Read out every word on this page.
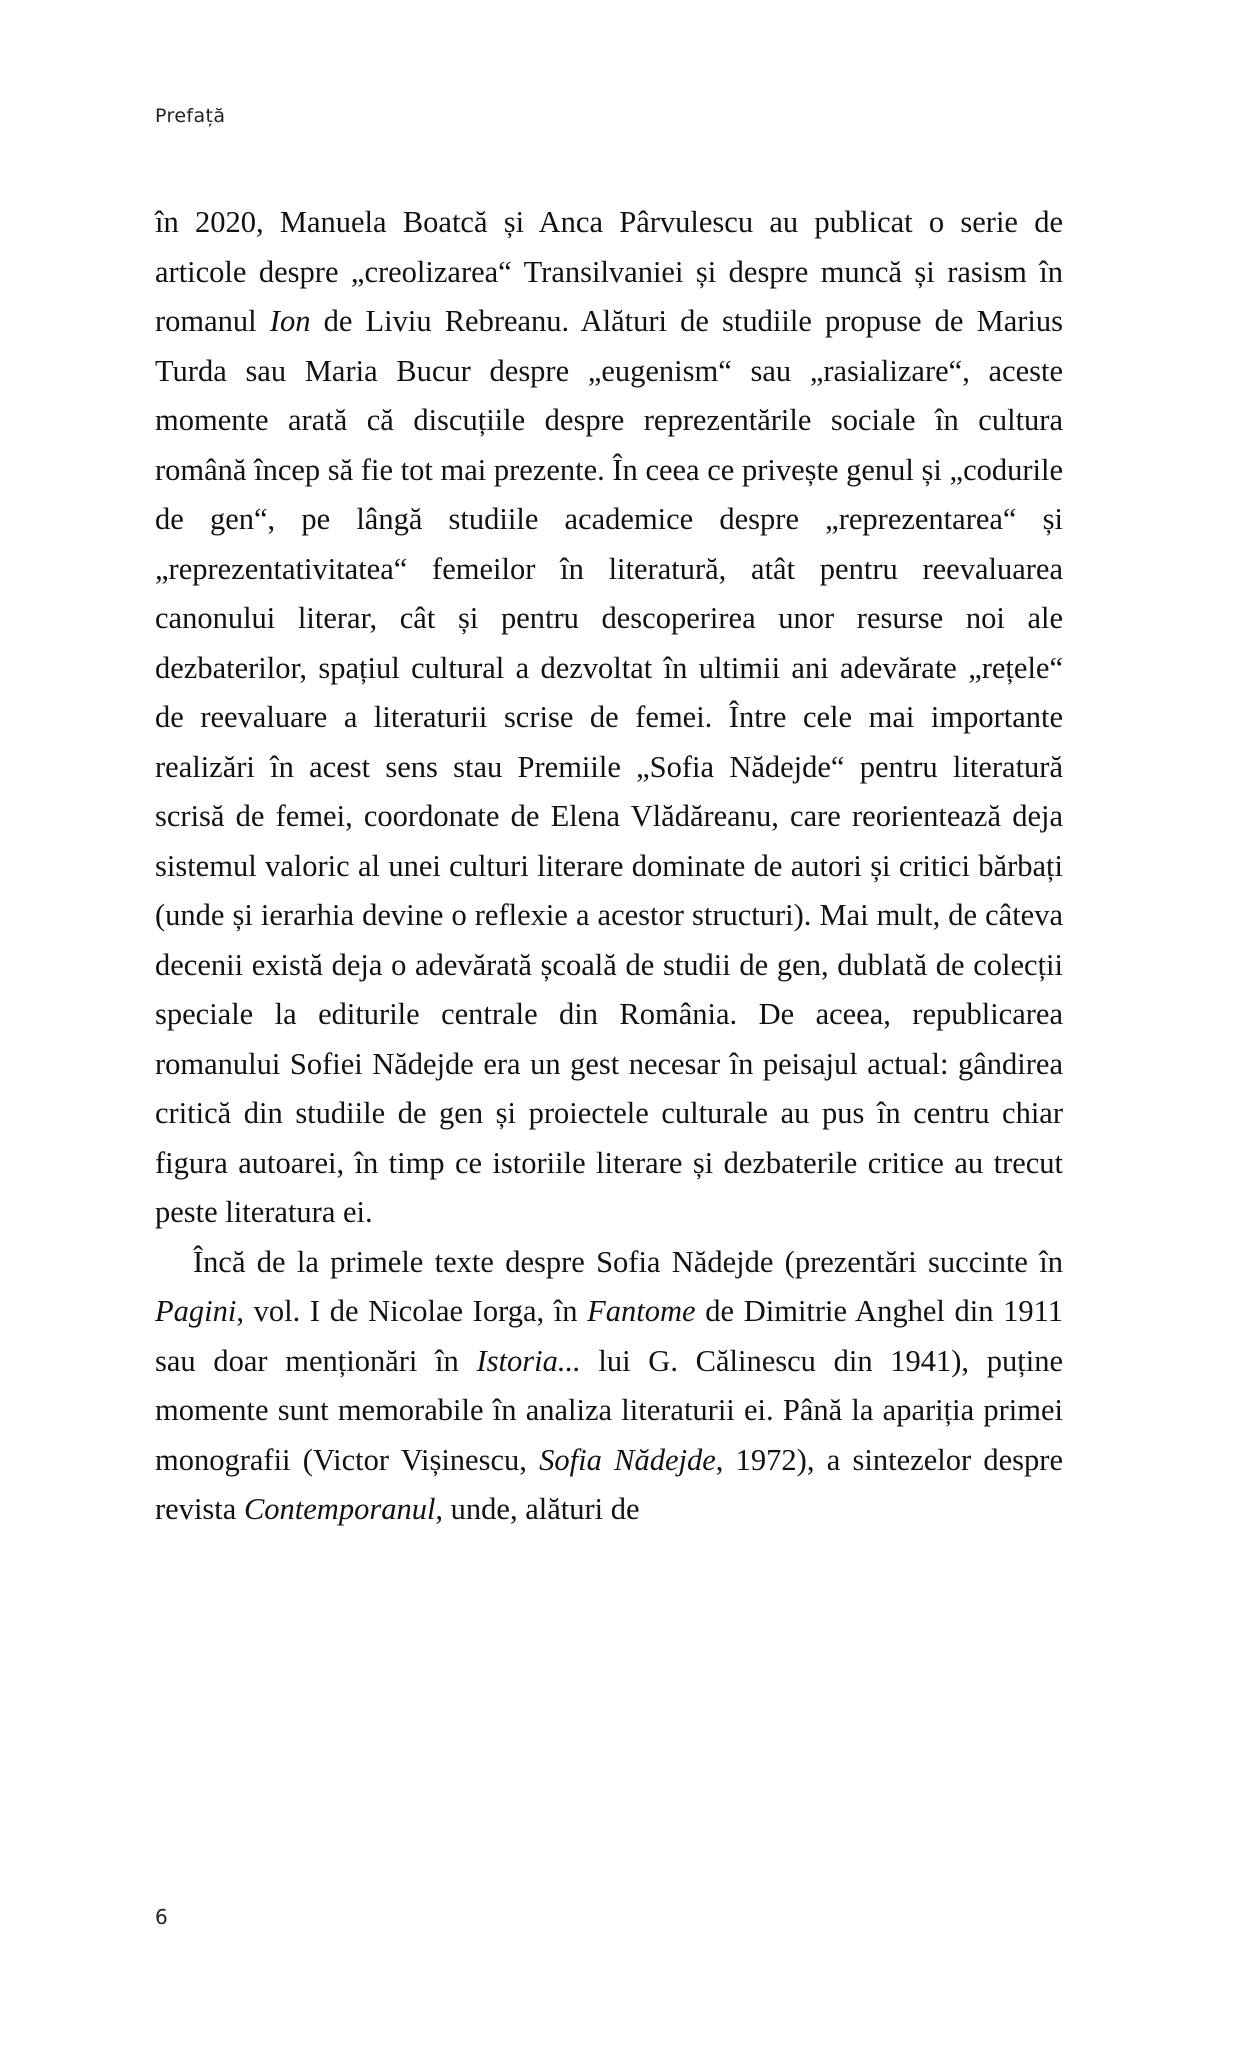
Prefață

în 2020, Manuela Boatcă și Anca Pârvulescu au publicat o serie de articole despre „creolizarea“ Transilvaniei și despre muncă și rasism în romanul Ion de Liviu Rebreanu. Alături de studiile propuse de Marius Turda sau Maria Bucur despre „eugenism“ sau „rasializare“, aceste momente arată că discuțiile despre reprezentările sociale în cultura română încep să fie tot mai prezente. În ceea ce privește genul și „codurile de gen“, pe lângă studiile academice despre „reprezentarea“ și „reprezentativitatea“ femeilor în literatură, atât pentru reevaluarea canonului literar, cât și pentru descoperirea unor resurse noi ale dezbaterilor, spațiul cultural a dezvoltat în ultimii ani adevărate „rețele“ de reevaluare a literaturii scrise de femei. Între cele mai importante realizări în acest sens stau Premiile „Sofia Nădejde“ pentru literatură scrisă de femei, coordonate de Elena Vlădăreanu, care reorientează deja sistemul valoric al unei culturi literare dominate de autori și critici bărbați (unde și ierarhia devine o reflexie a acestor structuri). Mai mult, de câteva decenii există deja o adevărată școală de studii de gen, dublată de colecții speciale la editurile centrale din România. De aceea, republicarea romanului Sofiei Nădejde era un gest necesar în peisajul actual: gândirea critică din studiile de gen și proiectele culturale au pus în centru chiar figura autoarei, în timp ce istoriile literare și dezbaterile critice au trecut peste literatura ei.

Încă de la primele texte despre Sofia Nădejde (prezentări succinte în Pagini, vol. I de Nicolae Iorga, în Fantome de Dimitrie Anghel din 1911 sau doar menționări în Istoria... lui G. Călinescu din 1941), puține momente sunt memorabile în analiza literaturii ei. Până la apariția primei monografii (Victor Vișinescu, Sofia Nădejde, 1972), a sintezelor despre revista Contemporanul, unde, alături de

6
